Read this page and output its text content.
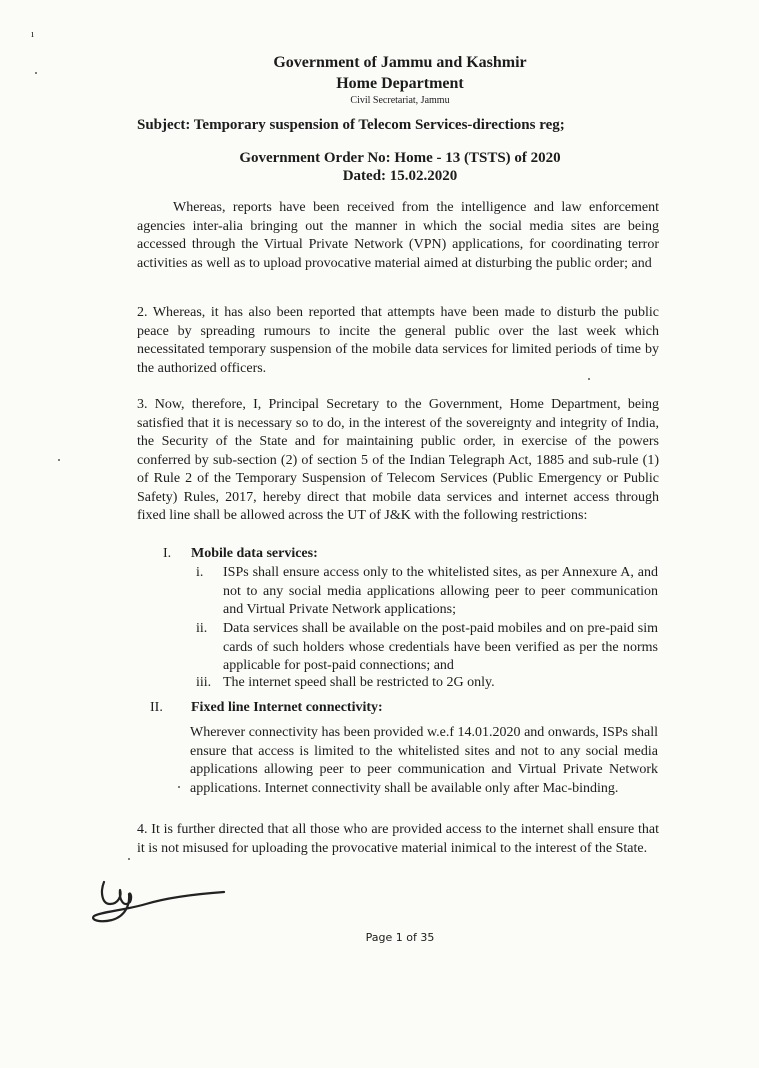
ı
Government of Jammu and Kashmir
Home Department
Civil Secretariat, Jammu
Subject: Temporary suspension of Telecom Services-directions reg;
Government Order No: Home - 13 (TSTS) of 2020
Dated: 15.02.2020
Whereas, reports have been received from the intelligence and law enforcement agencies inter-alia bringing out the manner in which the social media sites are being accessed through the Virtual Private Network (VPN) applications, for coordinating terror activities as well as to upload provocative material aimed at disturbing the public order; and
2. Whereas, it has also been reported that attempts have been made to disturb the public peace by spreading rumours to incite the general public over the last week which necessitated temporary suspension of the mobile data services for limited periods of time by the authorized officers.
3. Now, therefore, I, Principal Secretary to the Government, Home Department, being satisfied that it is necessary so to do, in the interest of the sovereignty and integrity of India, the Security of the State and for maintaining public order, in exercise of the powers conferred by sub-section (2) of section 5 of the Indian Telegraph Act, 1885 and sub-rule (1) of Rule 2 of the Temporary Suspension of Telecom Services (Public Emergency or Public Safety) Rules, 2017, hereby direct that mobile data services and internet access through fixed line shall be allowed across the UT of J&K with the following restrictions:
I. Mobile data services:
i.	ISPs shall ensure access only to the whitelisted sites, as per Annexure A, and not to any social media applications allowing peer to peer communication and Virtual Private Network applications;
ii.	Data services shall be available on the post-paid mobiles and on pre-paid sim cards of such holders whose credentials have been verified as per the norms applicable for post-paid connections; and
iii. The internet speed shall be restricted to 2G only.
II. Fixed line Internet connectivity:
Wherever connectivity has been provided w.e.f 14.01.2020 and onwards, ISPs shall ensure that access is limited to the whitelisted sites and not to any social media applications allowing peer to peer communication and Virtual Private Network applications. Internet connectivity shall be available only after Mac-binding.
4. It is further directed that all those who are provided access to the internet shall ensure that it is not misused for uploading the provocative material inimical to the interest of the State.
Page 1 of 35
